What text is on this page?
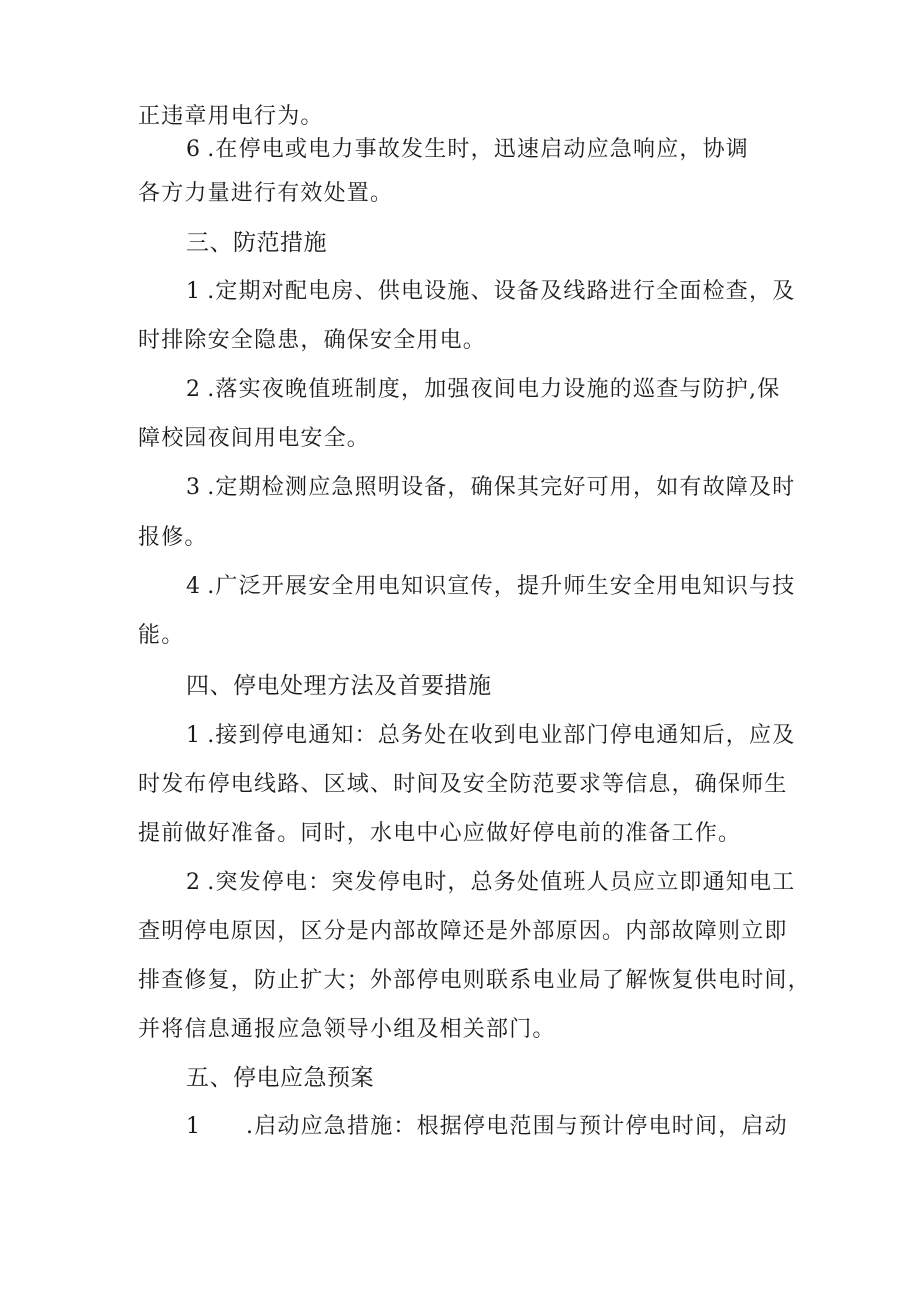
正违章用电行为。
6 .在停电或电力事故发生时，迅速启动应急响应，协调
各方力量进行有效处置。
三、防范措施
1 .定期对配电房、供电设施、设备及线路进行全面检查，及
时排除安全隐患，确保安全用电。
2 .落实夜晚值班制度，加强夜间电力设施的巡查与防护,保
障校园夜间用电安全。
3 .定期检测应急照明设备，确保其完好可用，如有故障及时
报修。
4 .广泛开展安全用电知识宣传，提升师生安全用电知识与技
能。
四、停电处理方法及首要措施
1 .接到停电通知：总务处在收到电业部门停电通知后，应及
时发布停电线路、区域、时间及安全防范要求等信息，确保师生
提前做好准备。同时，水电中心应做好停电前的准备工作。
2 .突发停电：突发停电时，总务处值班人员应立即通知电工
查明停电原因，区分是内部故障还是外部原因。内部故障则立即
排查修复，防止扩大；外部停电则联系电业局了解恢复供电时间，
并将信息通报应急领导小组及相关部门。
五、停电应急预案
1 .启动应急措施：根据停电范围与预计停电时间，启动
